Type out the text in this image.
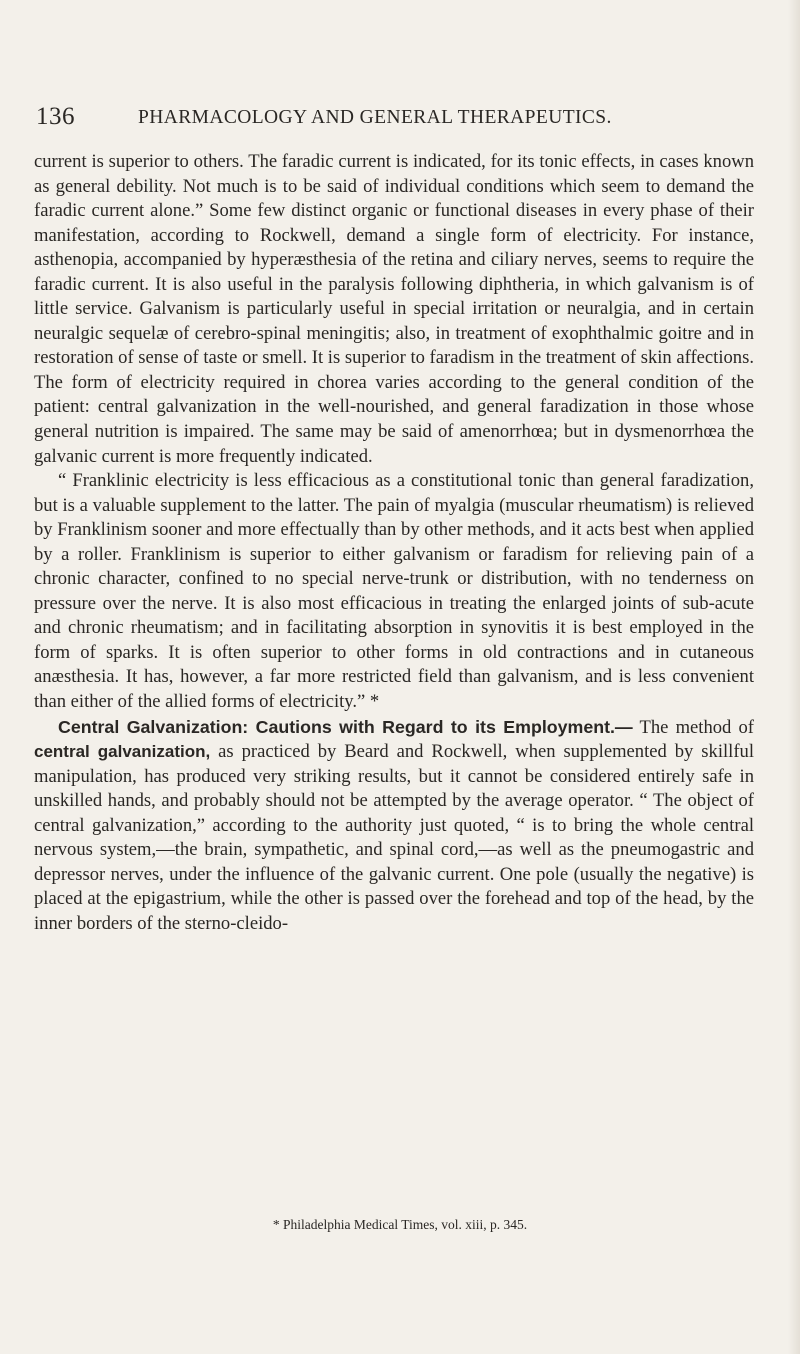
136	PHARMACOLOGY AND GENERAL THERAPEUTICS.

current is superior to others. The faradic current is indicated, for its tonic effects, in cases known as general debility. Not much is to be said of individual conditions which seem to demand the faradic current alone.” Some few distinct organic or functional diseases in every phase of their manifestation, according to Rockwell, demand a single form of electricity. For instance, asthenopia, accompanied by hyperæsthesia of the retina and ciliary nerves, seems to require the faradic current. It is also useful in the paralysis following diphtheria, in which galvanism is of little service. Galvanism is particularly useful in special irritation or neuralgia, and in certain neuralgic sequelæ of cerebro-spinal meningitis; also, in treatment of exophthalmic goitre and in restoration of sense of taste or smell. It is superior to faradism in the treatment of skin affections. The form of electricity required in chorea varies according to the general condition of the patient: central galvanization in the well-nourished, and general faradization in those whose general nutrition is impaired. The same may be said of amenorrhœa; but in dysmenorrhœa the galvanic current is more frequently indicated.

“ Franklinic electricity is less efficacious as a constitutional tonic than general faradization, but is a valuable supplement to the latter. The pain of myalgia (muscular rheumatism) is relieved by Franklinism sooner and more effectually than by other methods, and it acts best when applied by a roller. Franklinism is superior to either galvanism or faradism for relieving pain of a chronic character, confined to no special nerve-trunk or distribution, with no tenderness on pressure over the nerve. It is also most efficacious in treating the enlarged joints of sub-acute and chronic rheumatism; and in facilitating absorption in synovitis it is best employed in the form of sparks. It is often superior to other forms in old contractions and in cutaneous anæsthesia. It has, however, a far more restricted field than galvanism, and is less convenient than either of the allied forms of electricity.” *

Central Galvanization: Cautions with Regard to its Employment.— The method of central galvanization, as practiced by Beard and Rockwell, when supplemented by skillful manipulation, has produced very striking results, but it cannot be considered entirely safe in unskilled hands, and probably should not be attempted by the average operator. “ The object of central galvanization,” according to the authority just quoted, “ is to bring the whole central nervous system,—the brain, sympathetic, and spinal cord,—as well as the pneumogastric and depressor nerves, under the influence of the galvanic current. One pole (usually the negative) is placed at the epigastrium, while the other is passed over the forehead and top of the head, by the inner borders of the sterno-cleido-

* Philadelphia Medical Times, vol. xiii, p. 345.
